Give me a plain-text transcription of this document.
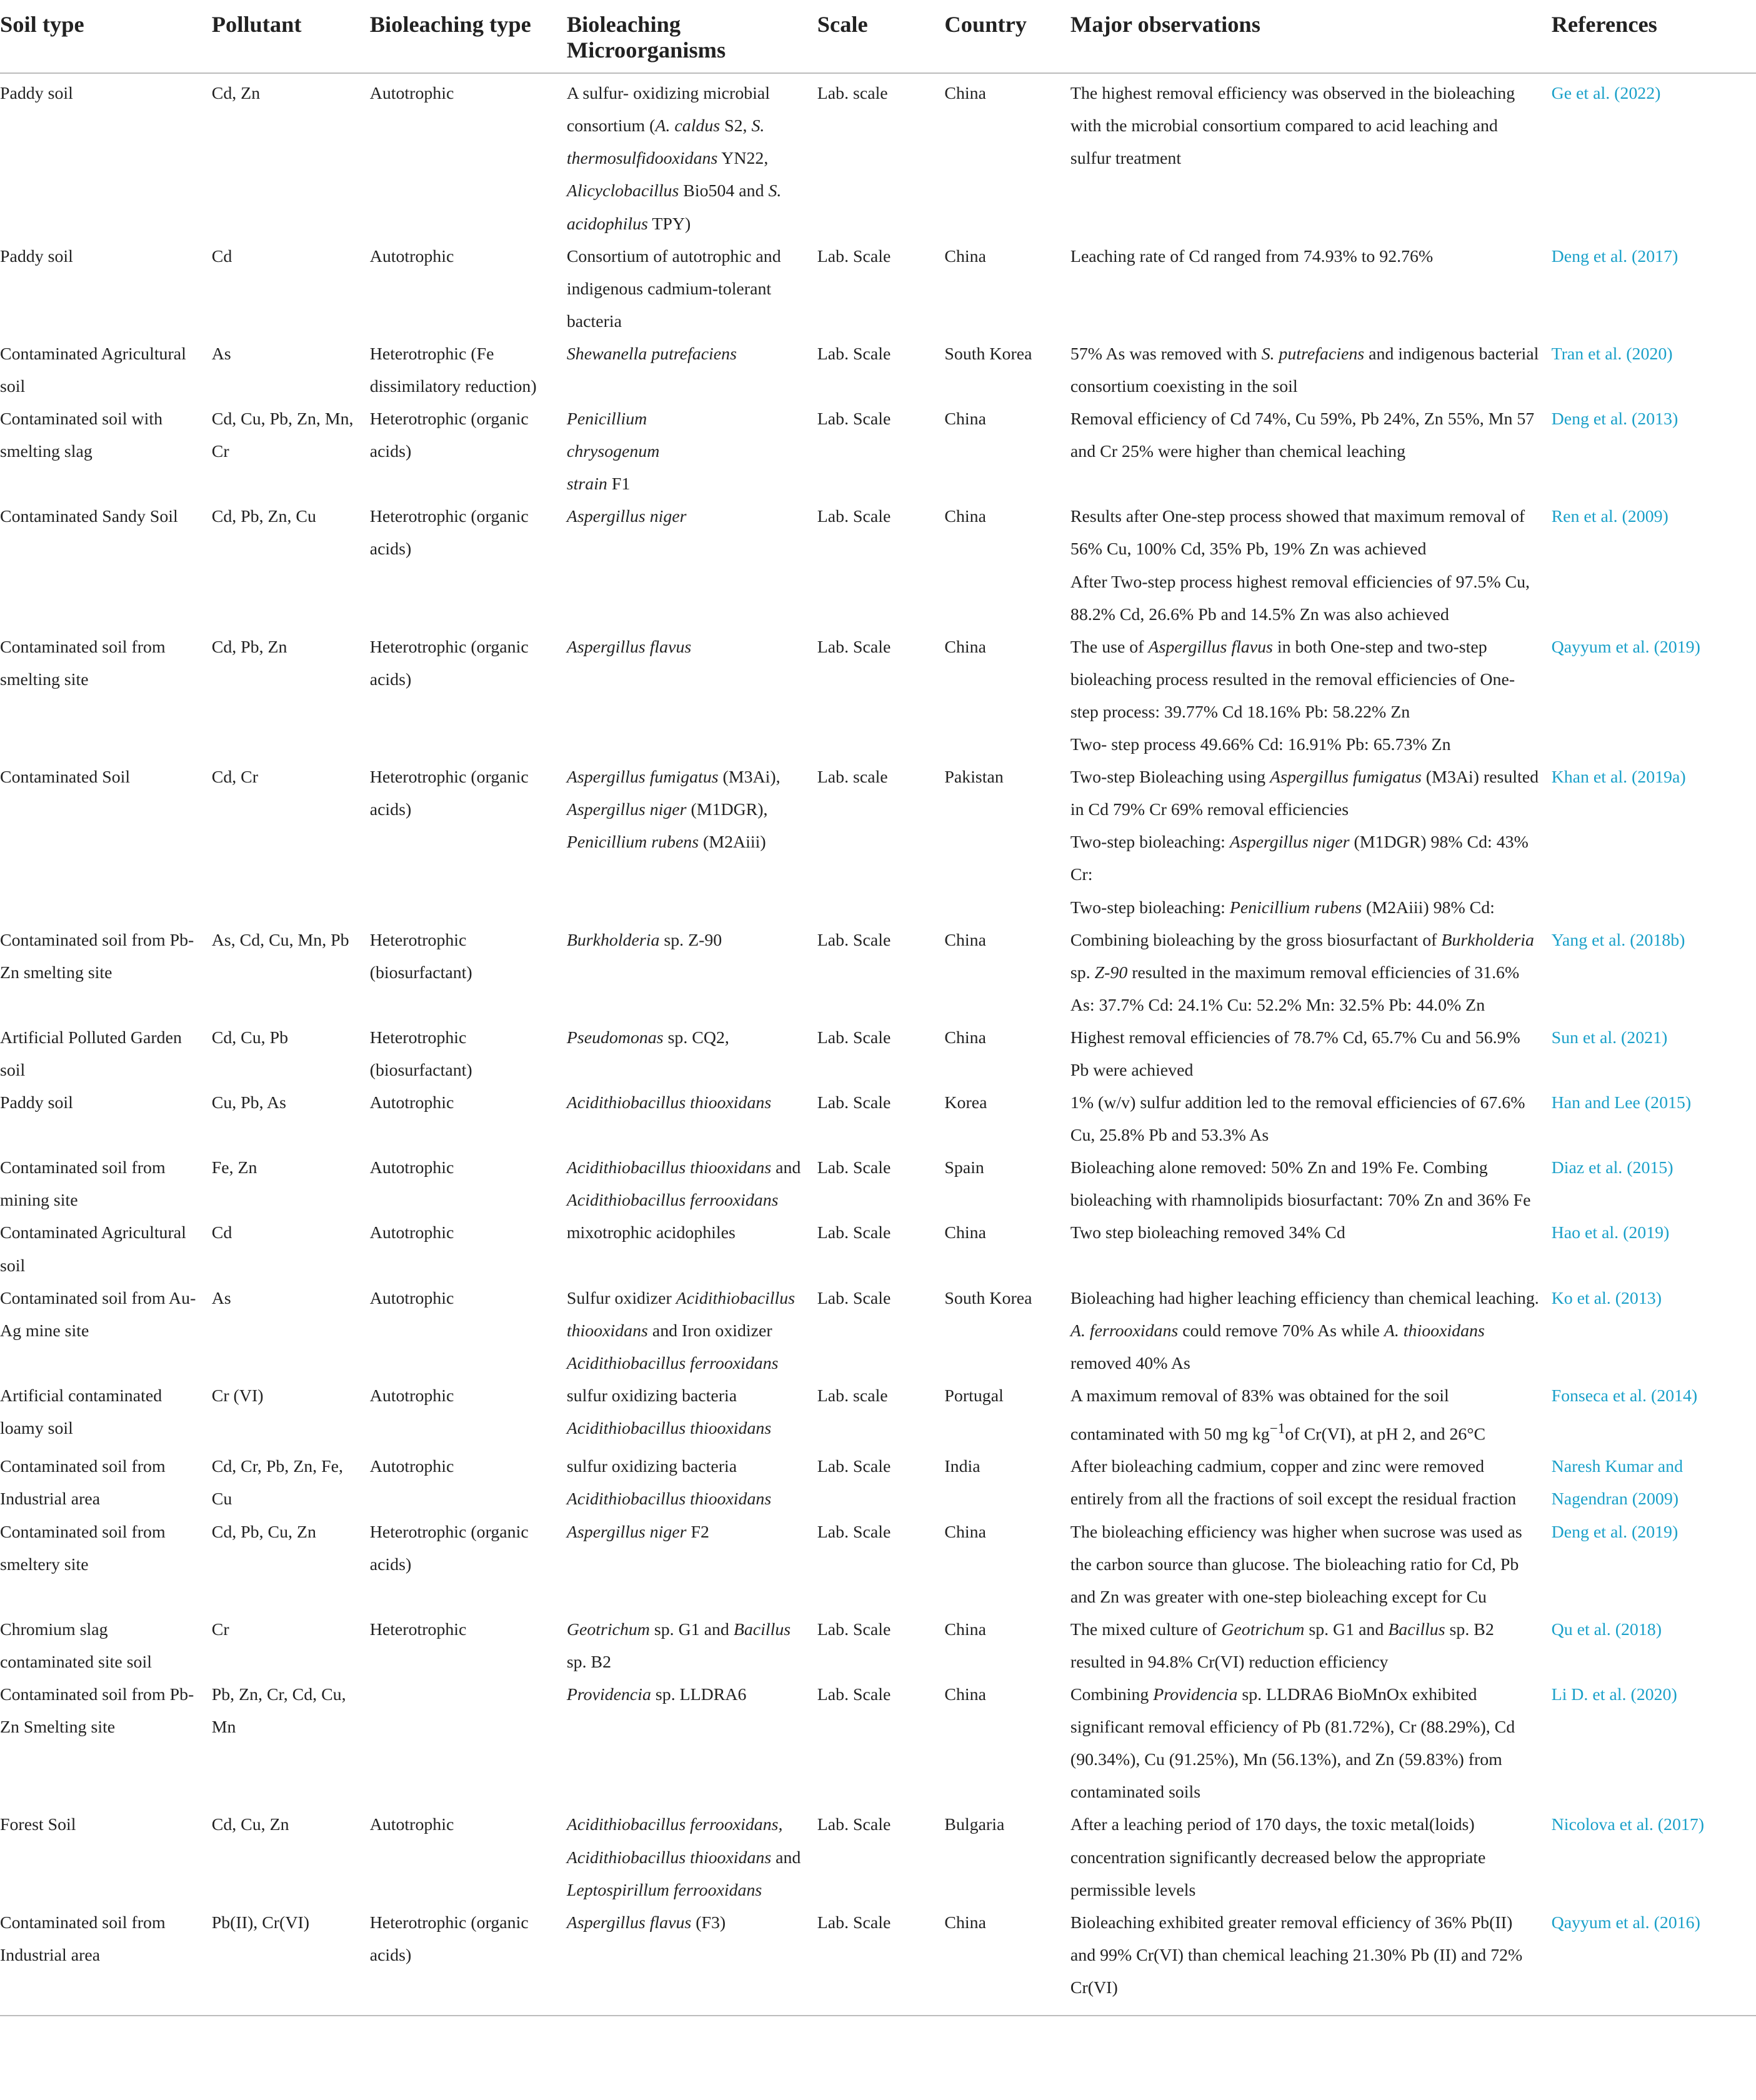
Soil type	Pollutant	Bioleaching type	Bioleaching Microorganisms	Scale	Country	Major observations	References

Paddy soil	Cd, Zn	Autotrophic	A sulfur- oxidizing microbial consortium (A. caldus S2, S. thermosulfidooxidans YN22, Alicyclobacillus Bio504 and S. acidophilus TPY)	Lab. scale	China	The highest removal efficiency was observed in the bioleaching with the microbial consortium compared to acid leaching and sulfur treatment	Ge et al. (2022)

Paddy soil	Cd	Autotrophic	Consortium of autotrophic and indigenous cadmium-tolerant bacteria	Lab. Scale	China	Leaching rate of Cd ranged from 74.93% to 92.76%	Deng et al. (2017)

Contaminated Agricultural soil	As	Heterotrophic (Fe dissimilatory reduction)	Shewanella putrefaciens	Lab. Scale	South Korea	57% As was removed with S. putrefaciens and indigenous bacterial consortium coexisting in the soil	Tran et al. (2020)

Contaminated soil with smelting slag	Cd, Cu, Pb, Zn, Mn, Cr	Heterotrophic (organic acids)	Penicillium
chrysogenum
strain F1	Lab. Scale	China	Removal efficiency of Cd 74%, Cu 59%, Pb 24%, Zn 55%, Mn 57 and Cr 25% were higher than chemical leaching	Deng et al. (2013)

Contaminated Sandy Soil	Cd, Pb, Zn, Cu	Heterotrophic (organic acids)	Aspergillus niger	Lab. Scale	China	Results after One-step process showed that maximum removal of 56% Cu, 100% Cd, 35% Pb, 19% Zn was achieved
After Two-step process highest removal efficiencies of 97.5% Cu, 88.2% Cd, 26.6% Pb and 14.5% Zn was also achieved	Ren et al. (2009)

Contaminated soil from smelting site	Cd, Pb, Zn	Heterotrophic (organic acids)	Aspergillus flavus	Lab. Scale	China	The use of Aspergillus flavus in both One-step and two-step bioleaching process resulted in the removal efficiencies of One-step process: 39.77% Cd 18.16% Pb: 58.22% Zn
Two- step process 49.66% Cd: 16.91% Pb: 65.73% Zn	Qayyum et al. (2019)

Contaminated Soil	Cd, Cr	Heterotrophic (organic acids)	Aspergillus fumigatus (M3Ai), Aspergillus niger (M1DGR), Penicillium rubens (M2Aiii)	Lab. scale	Pakistan	Two-step Bioleaching using Aspergillus fumigatus (M3Ai) resulted in Cd 79% Cr 69% removal efficiencies
Two-step bioleaching: Aspergillus niger (M1DGR) 98% Cd: 43% Cr:
Two-step bioleaching: Penicillium rubens (M2Aiii) 98% Cd:	Khan et al. (2019a)

Contaminated soil from Pb-Zn smelting site	As, Cd, Cu, Mn, Pb	Heterotrophic (biosurfactant)	Burkholderia sp. Z-90	Lab. Scale	China	Combining bioleaching by the gross biosurfactant of Burkholderia sp. Z-90 resulted in the maximum removal efficiencies of 31.6% As: 37.7% Cd: 24.1% Cu: 52.2% Mn: 32.5% Pb: 44.0% Zn	Yang et al. (2018b)

Artificial Polluted Garden soil	Cd, Cu, Pb	Heterotrophic (biosurfactant)	Pseudomonas sp. CQ2,	Lab. Scale	China	Highest removal efficiencies of 78.7% Cd, 65.7% Cu and 56.9% Pb were achieved	Sun et al. (2021)

Paddy soil	Cu, Pb, As	Autotrophic	Acidithiobacillus thiooxidans	Lab. Scale	Korea	1% (w/v) sulfur addition led to the removal efficiencies of 67.6% Cu, 25.8% Pb and 53.3% As	Han and Lee (2015)

Contaminated soil from mining site	Fe, Zn	Autotrophic	Acidithiobacillus thiooxidans and Acidithiobacillus ferrooxidans	Lab. Scale	Spain	Bioleaching alone removed: 50% Zn and 19% Fe. Combing bioleaching with rhamnolipids biosurfactant: 70% Zn and 36% Fe	Diaz et al. (2015)

Contaminated Agricultural soil	Cd	Autotrophic	mixotrophic acidophiles	Lab. Scale	China	Two step bioleaching removed 34% Cd	Hao et al. (2019)

Contaminated soil from Au-Ag mine site	As	Autotrophic	Sulfur oxidizer Acidithiobacillus thiooxidans and Iron oxidizer Acidithiobacillus ferrooxidans	Lab. Scale	South Korea	Bioleaching had higher leaching efficiency than chemical leaching. A. ferrooxidans could remove 70% As while A. thiooxidans removed 40% As	Ko et al. (2013)

Artificial contaminated loamy soil	Cr (VI)	Autotrophic	sulfur oxidizing bacteria Acidithiobacillus thiooxidans	Lab. scale	Portugal	A maximum removal of 83% was obtained for the soil contaminated with 50 mg $kg^{-1}of$ Cr(VI), at pH 2, and 26°C	Fonseca et al. (2014)

Contaminated soil from Industrial area	Cd, Cr, Pb, Zn, Fe, Cu	Autotrophic	sulfur oxidizing bacteria Acidithiobacillus thiooxidans	Lab. Scale	India	After bioleaching cadmium, copper and zinc were removed entirely from all the fractions of soil except the residual fraction	Naresh Kumar and Nagendran (2009)

Contaminated soil from smeltery site	Cd, Pb, Cu, Zn	Heterotrophic (organic acids)	Aspergillus niger F2	Lab. Scale	China	The bioleaching efficiency was higher when sucrose was used as the carbon source than glucose. The bioleaching ratio for Cd, Pb and Zn was greater with one-step bioleaching except for Cu	Deng et al. (2019)

Chromium slag contaminated site soil	Cr	Heterotrophic	Geotrichum sp. G1 and Bacillus sp. B2	Lab. Scale	China	The mixed culture of Geotrichum sp. G1 and Bacillus sp. B2 resulted in 94.8% Cr(VI) reduction efficiency	Qu et al. (2018)

Contaminated soil from Pb-Zn Smelting site	Pb, Zn, Cr, Cd, Cu, Mn		Providencia sp. LLDRA6	Lab. Scale	China	Combining Providencia sp. LLDRA6 BioMnOx exhibited significant removal efficiency of Pb (81.72%), Cr (88.29%), Cd (90.34%), Cu (91.25%), Mn (56.13%), and Zn (59.83%) from contaminated soils	Li D. et al. (2020)

Forest Soil	Cd, Cu, Zn	Autotrophic	Acidithiobacillus ferrooxidans, Acidithiobacillus thiooxidans and Leptospirillum ferrooxidans	Lab. Scale	Bulgaria	After a leaching period of 170 days, the toxic metal(loids) concentration significantly decreased below the appropriate permissible levels	Nicolova et al. (2017)

Contaminated soil from Industrial area	Pb(II), Cr(VI)	Heterotrophic (organic acids)	Aspergillus flavus (F3)	Lab. Scale	China	Bioleaching exhibited greater removal efficiency of 36% Pb(II) and 99% Cr(VI) than chemical leaching 21.30% Pb (II) and 72% Cr(VI)	Qayyum et al. (2016)
